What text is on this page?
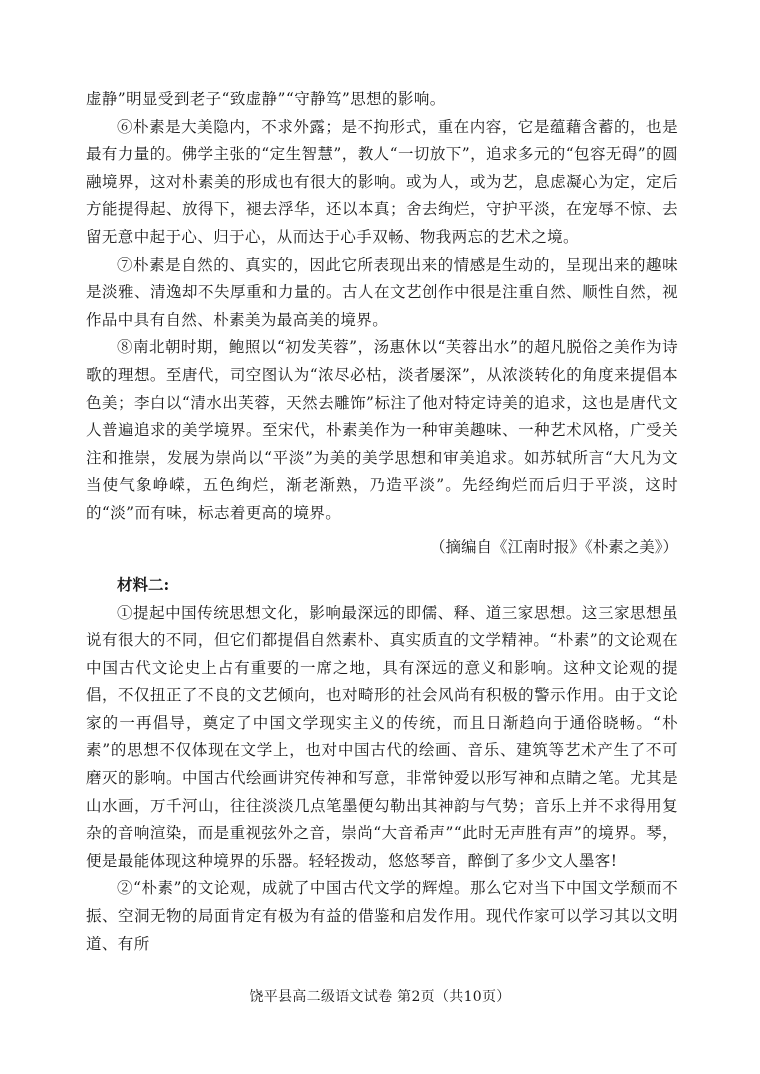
虚静”明显受到老子“致虚静”“守静笃”思想的影响。

⑥朴素是大美隐内，不求外露；是不拘形式，重在内容，它是蕴藉含蓄的，也是最有力量的。佛学主张的“定生智慧”，教人“一切放下”，追求多元的“包容无碍”的圆融境界，这对朴素美的形成也有很大的影响。或为人，或为艺，息虑凝心为定，定后方能提得起、放得下，褪去浮华，还以本真；舍去绚烂，守护平淡，在宠辱不惊、去留无意中起于心、归于心，从而达于心手双畅、物我两忘的艺术之境。

⑦朴素是自然的、真实的，因此它所表现出来的情感是生动的，呈现出来的趣味是淡雅、清逸却不失厚重和力量的。古人在文艺创作中很是注重自然、顺性自然，视作品中具有自然、朴素美为最高美的境界。

⑧南北朝时期，鲍照以“初发芙蓉”，汤惠休以“芙蓉出水”的超凡脱俗之美作为诗歌的理想。至唐代，司空图认为“浓尽必枯，淡者屡深”，从浓淡转化的角度来提倡本色美；李白以“清水出芙蓉，天然去雕饰”标注了他对特定诗美的追求，这也是唐代文人普遍追求的美学境界。至宋代，朴素美作为一种审美趣味、一种艺术风格，广受关注和推崇，发展为崇尚以“平淡”为美的美学思想和审美追求。如苏轼所言“大凡为文当使气象峥嵘，五色绚烂，渐老渐熟，乃造平淡”。先经绚烂而后归于平淡，这时的“淡”而有味，标志着更高的境界。

（摘编自《江南时报》《朴素之美》）

材料二:

①提起中国传统思想文化，影响最深远的即儒、释、道三家思想。这三家思想虽说有很大的不同，但它们都提倡自然素朴、真实质直的文学精神。“朴素”的文论观在中国古代文论史上占有重要的一席之地，具有深远的意义和影响。这种文论观的提倡，不仅扭正了不良的文艺倾向，也对畸形的社会风尚有积极的警示作用。由于文论家的一再倡导，奠定了中国文学现实主义的传统，而且日渐趋向于通俗晓畅。“朴素”的思想不仅体现在文学上，也对中国古代的绘画、音乐、建筑等艺术产生了不可磨灭的影响。中国古代绘画讲究传神和写意，非常钟爱以形写神和点睛之笔。尤其是山水画，万千河山，往往淡淡几点笔墨便勾勒出其神韵与气势；音乐上并不求得用复杂的音响渲染，而是重视弦外之音，崇尚“大音希声”“此时无声胜有声”的境界。琴，便是最能体现这种境界的乐器。轻轻拨动，悠悠琴音，醉倒了多少文人墨客!

②“朴素”的文论观，成就了中国古代文学的辉煌。那么它对当下中国文学颓而不振、空洞无物的局面肯定有极为有益的借鉴和启发作用。现代作家可以学习其以文明道、有所

饶平县高二级语文试卷 第2页（共10页）
